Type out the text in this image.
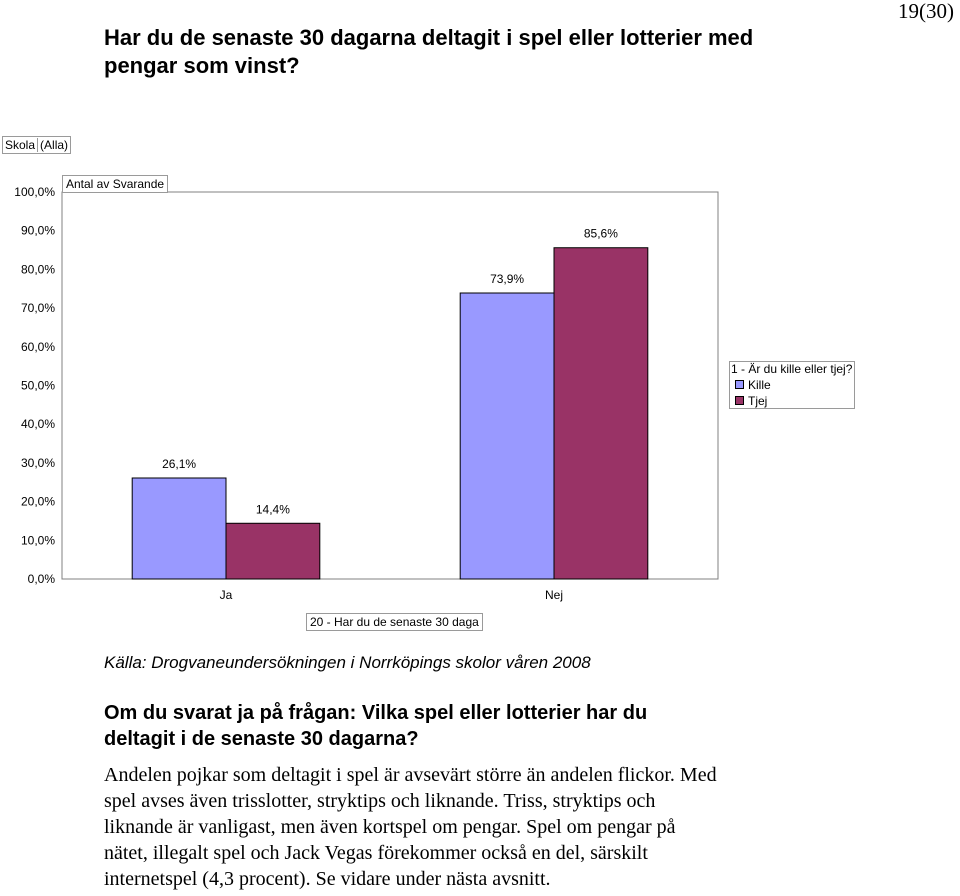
19(30)
Har du de senaste 30 dagarna deltagit i spel eller lotterier med
pengar som vinst?
0,0%
10,0%
20,0%
30,0%
40,0%
50,0%
60,0%
70,0%
80,0%
90,0%
100,0%
26,1%
14,4%
Ja
73,9%
85,6%
Nej
Skola (Alla)
Antal av Svarande
1 - Är du kille eller tjej?
Kille
Tjej
20 - Har du de senaste 30 daga
Källa: Drogvaneundersökningen i Norrköpings skolor våren 2008
Om du svarat ja på frågan: Vilka spel eller lotterier har du
deltagit i de senaste 30 dagarna?
Andelen pojkar som deltagit i spel är avsevärt större än andelen flickor. Med
spel avses även trisslotter, stryktips och liknande. Triss, stryktips och
liknande är vanligast, men även kortspel om pengar. Spel om pengar på
nätet, illegalt spel och Jack Vegas förekommer också en del, särskilt
internetspel (4,3 procent). Se vidare under nästa avsnitt.
